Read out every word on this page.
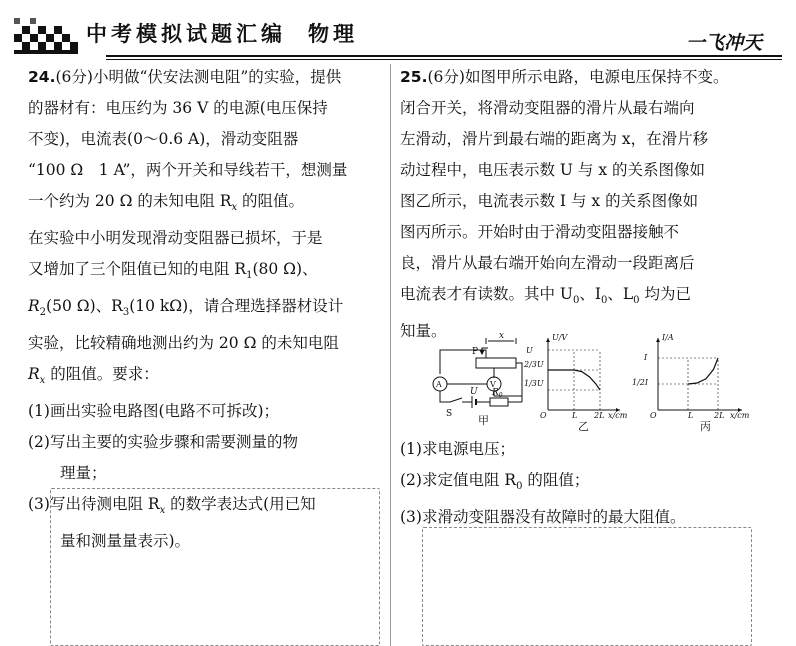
中考模拟试题汇编 物理	一飞冲天

24.(6分)小明做“伏安法测电阻”的实验，提供
的器材有：电压约为 36 V 的电源(电压保持
不变)，电流表(0～0.6 A)，滑动变阻器
“100 Ω　1 A”，两个开关和导线若干，想测量
一个约为 20 Ω 的未知电阻 $R_x$ 的阻值。

在实验中小明发现滑动变阻器已损坏，于是
又增加了三个阻值已知的电阻 $R_1(80$ Ω)、
$R_2(50$ Ω)、$R_3(10$ kΩ)，请合理选择器材设计
实验，比较精确地测出约为 20 Ω 的未知电阻
$R_x$ 的阻值。要求：

(1)画出实验电路图(电路不可拆改)；

(2)写出主要的实验步骤和需要测量的物
理量；

(3)写出待测电阻 $R_x$ 的数学表达式(用已知
量和测量量表示)。

25.(6分)如图甲所示电路，电源电压保持不变。
闭合开关，将滑动变阻器的滑片从最右端向
左滑动，滑片到最右端的距离为 x，在滑片移
动过程中，电压表示数 U 与 x 的关系图像如
图乙所示，电流表示数 I 与 x 的关系图像如
图丙所示。开始时由于滑动变阻器接触不
良，滑片从最右端开始向左滑动一段距离后
电流表才有读数。其中 $U_0$、$I_0$、$L_0$ 均为已
知量。

P
x
V
A
S
U $R_0$
甲
U/V
O	x/cm
U
2/3U
1/3U
L 2L
乙
I/A
O	x/cm
I
1/2I
L	2L
丙

(1)求电源电压；

(2)求定值电阻 $R_0$ 的阻值；

(3)求滑动变阻器没有故障时的最大阻值。
